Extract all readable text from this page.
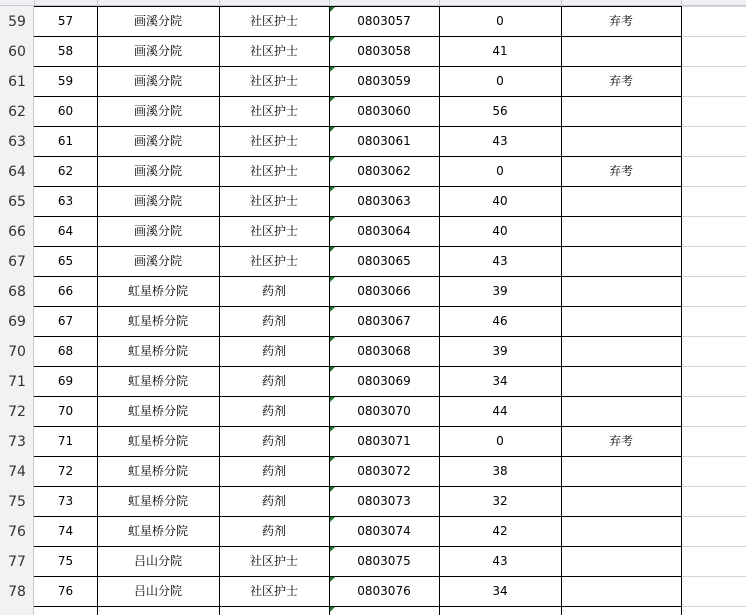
57	画溪分院	社区护士	0803057	0	弃考
58	画溪分院	社区护士	0803058	41
59	画溪分院	社区护士	0803059	0	弃考
60	画溪分院	社区护士	0803060	56
61	画溪分院	社区护士	0803061	43
62	画溪分院	社区护士	0803062	0	弃考
63	画溪分院	社区护士	0803063	40
64	画溪分院	社区护士	0803064	40
65	画溪分院	社区护士	0803065	43
66	虹星桥分院	药剂	0803066	39
67	虹星桥分院	药剂	0803067	46
68	虹星桥分院	药剂	0803068	39
69	虹星桥分院	药剂	0803069	34
70	虹星桥分院	药剂	0803070	44
71	虹星桥分院	药剂	0803071	0	弃考
72	虹星桥分院	药剂	0803072	38
73	虹星桥分院	药剂	0803073	32
74	虹星桥分院	药剂	0803074	42
75	吕山分院	社区护士	0803075	43
76	吕山分院	社区护士	0803076	34
59
60
61
62
63
64
65
66
67
68
69
70
71
72
73
74
75
76
77
78
